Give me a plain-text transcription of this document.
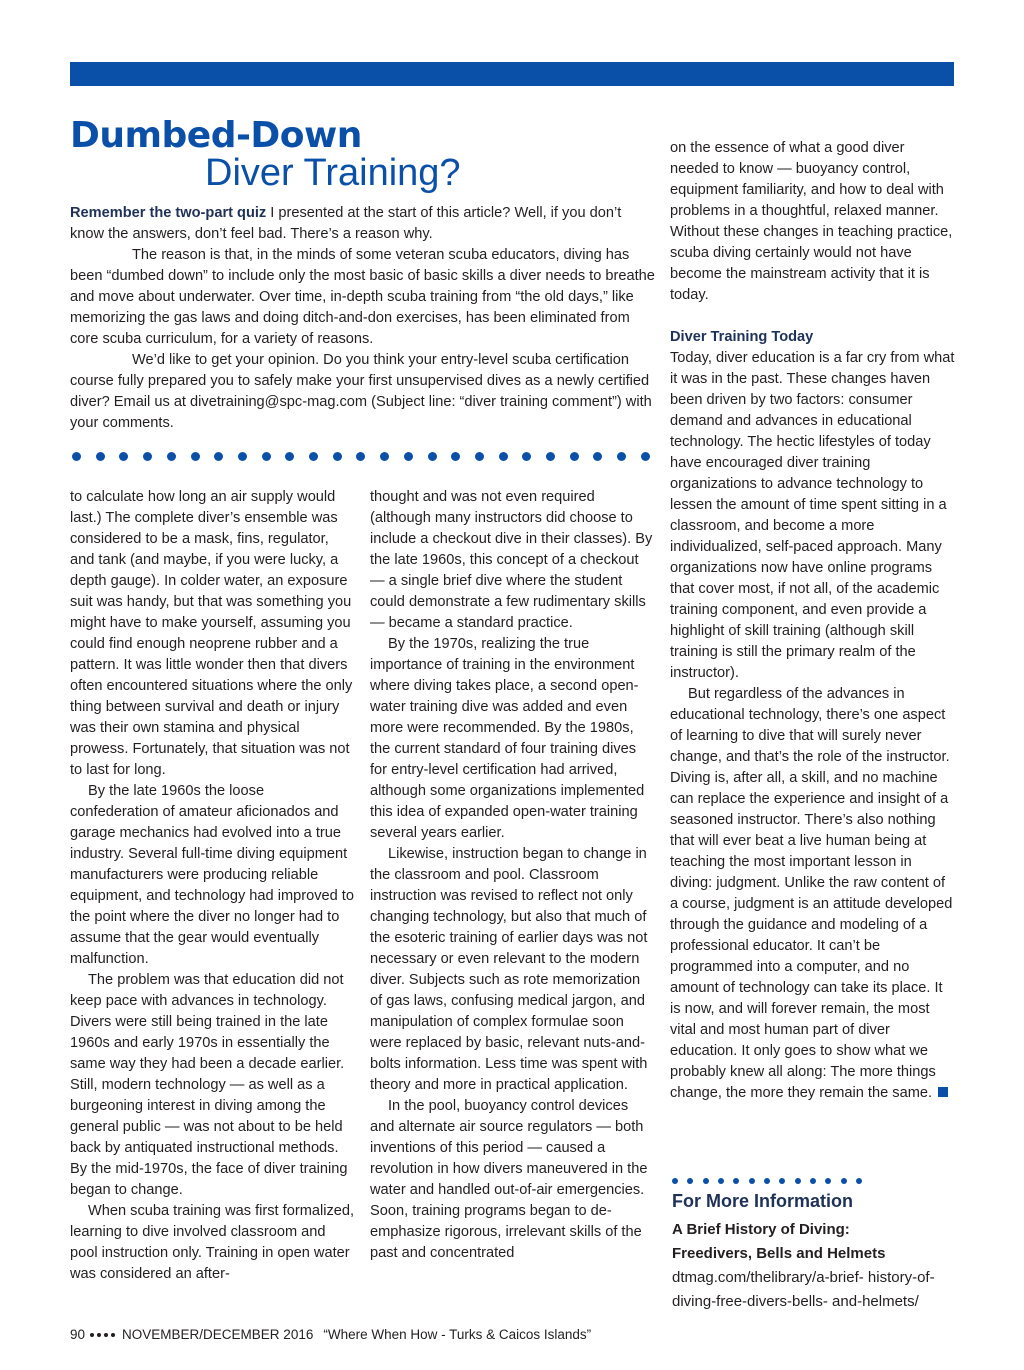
Dumbed-Down
Diver Training?

Remember the two-part quiz I presented at the start of this article? Well, if you don’t know the answers, don’t feel bad. There’s a reason why.

The reason is that, in the minds of some veteran scuba educators, diving has been “dumbed down” to include only the most basic of basic skills a diver needs to breathe and move about underwater. Over time, in-depth scuba training from “the old days,” like memorizing the gas laws and doing ditch-and-don exercises, has been eliminated from core scuba curriculum, for a variety of reasons.

We’d like to get your opinion. Do you think your entry-level scuba certification course fully prepared you to safely make your first unsupervised dives as a newly certified diver? Email us at divetraining@spc-mag.com (Subject line: “diver training comment”) with your comments.

to calculate how long an air supply would last.) The complete diver’s ensemble was considered to be a mask, fins, regulator, and tank (and maybe, if you were lucky, a depth gauge). In colder water, an exposure suit was handy, but that was something you might have to make yourself, assuming you could find enough neoprene rubber and a pattern. It was little wonder then that divers often encountered situations where the only thing between survival and death or injury was their own stamina and physical prowess. Fortunately, that situation was not to last for long.

By the late 1960s the loose confederation of amateur aficionados and garage mechanics had evolved into a true industry. Several full-time diving equipment manufacturers were producing reliable equipment, and technology had improved to the point where the diver no longer had to assume that the gear would eventually malfunction.

The problem was that education did not keep pace with advances in technology. Divers were still being trained in the late 1960s and early 1970s in essentially the same way they had been a decade earlier. Still, modern technology — as well as a burgeoning interest in diving among the general public — was not about to be held back by antiquated instructional methods. By the mid-1970s, the face of diver training began to change.

When scuba training was first formalized, learning to dive involved classroom and pool instruction only. Training in open water was considered an after-

thought and was not even required (although many instructors did choose to include a checkout dive in their classes). By the late 1960s, this concept of a checkout — a single brief dive where the student could demonstrate a few rudimentary skills — became a standard practice.

By the 1970s, realizing the true importance of training in the environment where diving takes place, a second open-water training dive was added and even more were recommended. By the 1980s, the current standard of four training dives for entry-level certification had arrived, although some organizations implemented this idea of expanded open-water training several years earlier.

Likewise, instruction began to change in the classroom and pool. Classroom instruction was revised to reflect not only changing technology, but also that much of the esoteric training of earlier days was not necessary or even relevant to the modern diver. Subjects such as rote memorization of gas laws, confusing medical jargon, and manipulation of complex formulae soon were replaced by basic, relevant nuts-and-bolts information. Less time was spent with theory and more in practical application.

In the pool, buoyancy control devices and alternate air source regulators — both inventions of this period — caused a revolution in how divers maneuvered in the water and handled out-of-air emergencies. Soon, training programs began to de-emphasize rigorous, irrelevant skills of the past and concentrated

on the essence of what a good diver needed to know — buoyancy control, equipment familiarity, and how to deal with problems in a thoughtful, relaxed manner. Without these changes in teaching practice, scuba diving certainly would not have become the mainstream activity that it is today.

Diver Training Today

Today, diver education is a far cry from what it was in the past. These changes haven been driven by two factors: consumer demand and advances in educational technology. The hectic lifestyles of today have encouraged diver training organizations to advance technology to lessen the amount of time spent sitting in a classroom, and become a more individualized, self-paced approach. Many organizations now have online programs that cover most, if not all, of the academic training component, and even provide a highlight of skill training (although skill training is still the primary realm of the instructor).

But regardless of the advances in educational technology, there’s one aspect of learning to dive that will surely never change, and that’s the role of the instructor. Diving is, after all, a skill, and no machine can replace the experience and insight of a seasoned instructor. There’s also nothing that will ever beat a live human being at teaching the most important lesson in diving: judgment. Unlike the raw content of a course, judgment is an attitude developed through the guidance and modeling of a professional educator. It can’t be programmed into a computer, and no amount of technology can take its place. It is now, and will forever remain, the most vital and most human part of diver education. It only goes to show what we probably knew all along: The more things change, the more they remain the same.

For More Information
A Brief History of Diving:
Freedivers, Bells and Helmets
dtmag.com/thelibrary/a-brief- history-of-diving-free-divers-bells- and-helmets/
90	NOVEMBER/DECEMBER 2016 “Where When How - Turks & Caicos Islands”
